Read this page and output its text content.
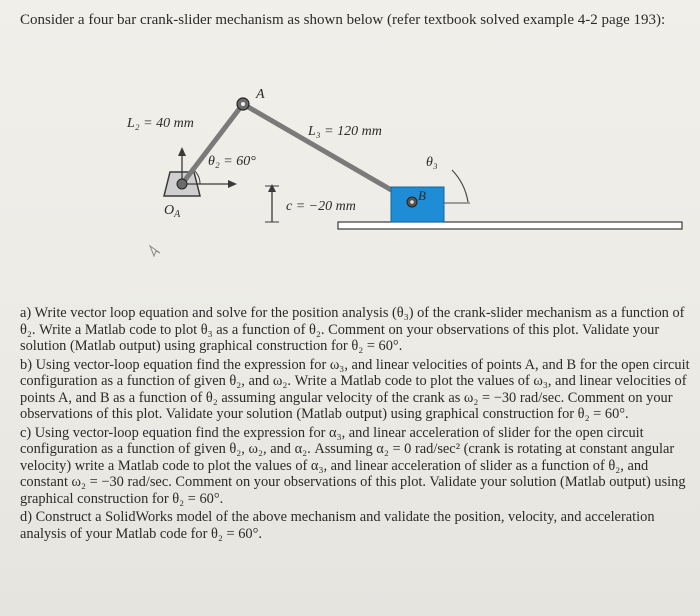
Consider a four bar crank-slider mechanism as shown below (refer textbook solved example 4-2 page 193):
A
B
L₂ = 40 mm
L₃ = 120 mm
θ₂ = 60°	θ₃
c = −20 mm
$O_A$

a) Write vector loop equation and solve for the position analysis (θ₃) of the crank-slider mechanism as a function of θ₂. Write a Matlab code to plot θ₃ as a function of θ₂. Comment on your observations of this plot. Validate your solution (Matlab output) using graphical construction for θ₂ = 60°.

b) Using vector-loop equation find the expression for ω₃, and linear velocities of points A, and B for the open circuit configuration as a function of given θ₂, and ω₂. Write a Matlab code to plot the values of ω₃, and linear velocities of points A, and B as a function of θ₂ assuming angular velocity of the crank as ω₂ = −30 rad/sec. Comment on your observations of this plot. Validate your solution (Matlab output) using graphical construction for θ₂ = 60°.

c) Using vector-loop equation find the expression for α₃, and linear acceleration of slider for the open circuit configuration as a function of given θ₂, ω₂, and α₂. Assuming α₂ = 0 rad/sec² (crank is rotating at constant angular velocity) write a Matlab code to plot the values of α₃, and linear acceleration of slider as a function of θ₂, and constant ω₂ = −30 rad/sec. Comment on your observations of this plot. Validate your solution (Matlab output) using graphical construction for θ₂ = 60°.

d) Construct a SolidWorks model of the above mechanism and validate the position, velocity, and acceleration analysis of your Matlab code for θ₂ = 60°.
